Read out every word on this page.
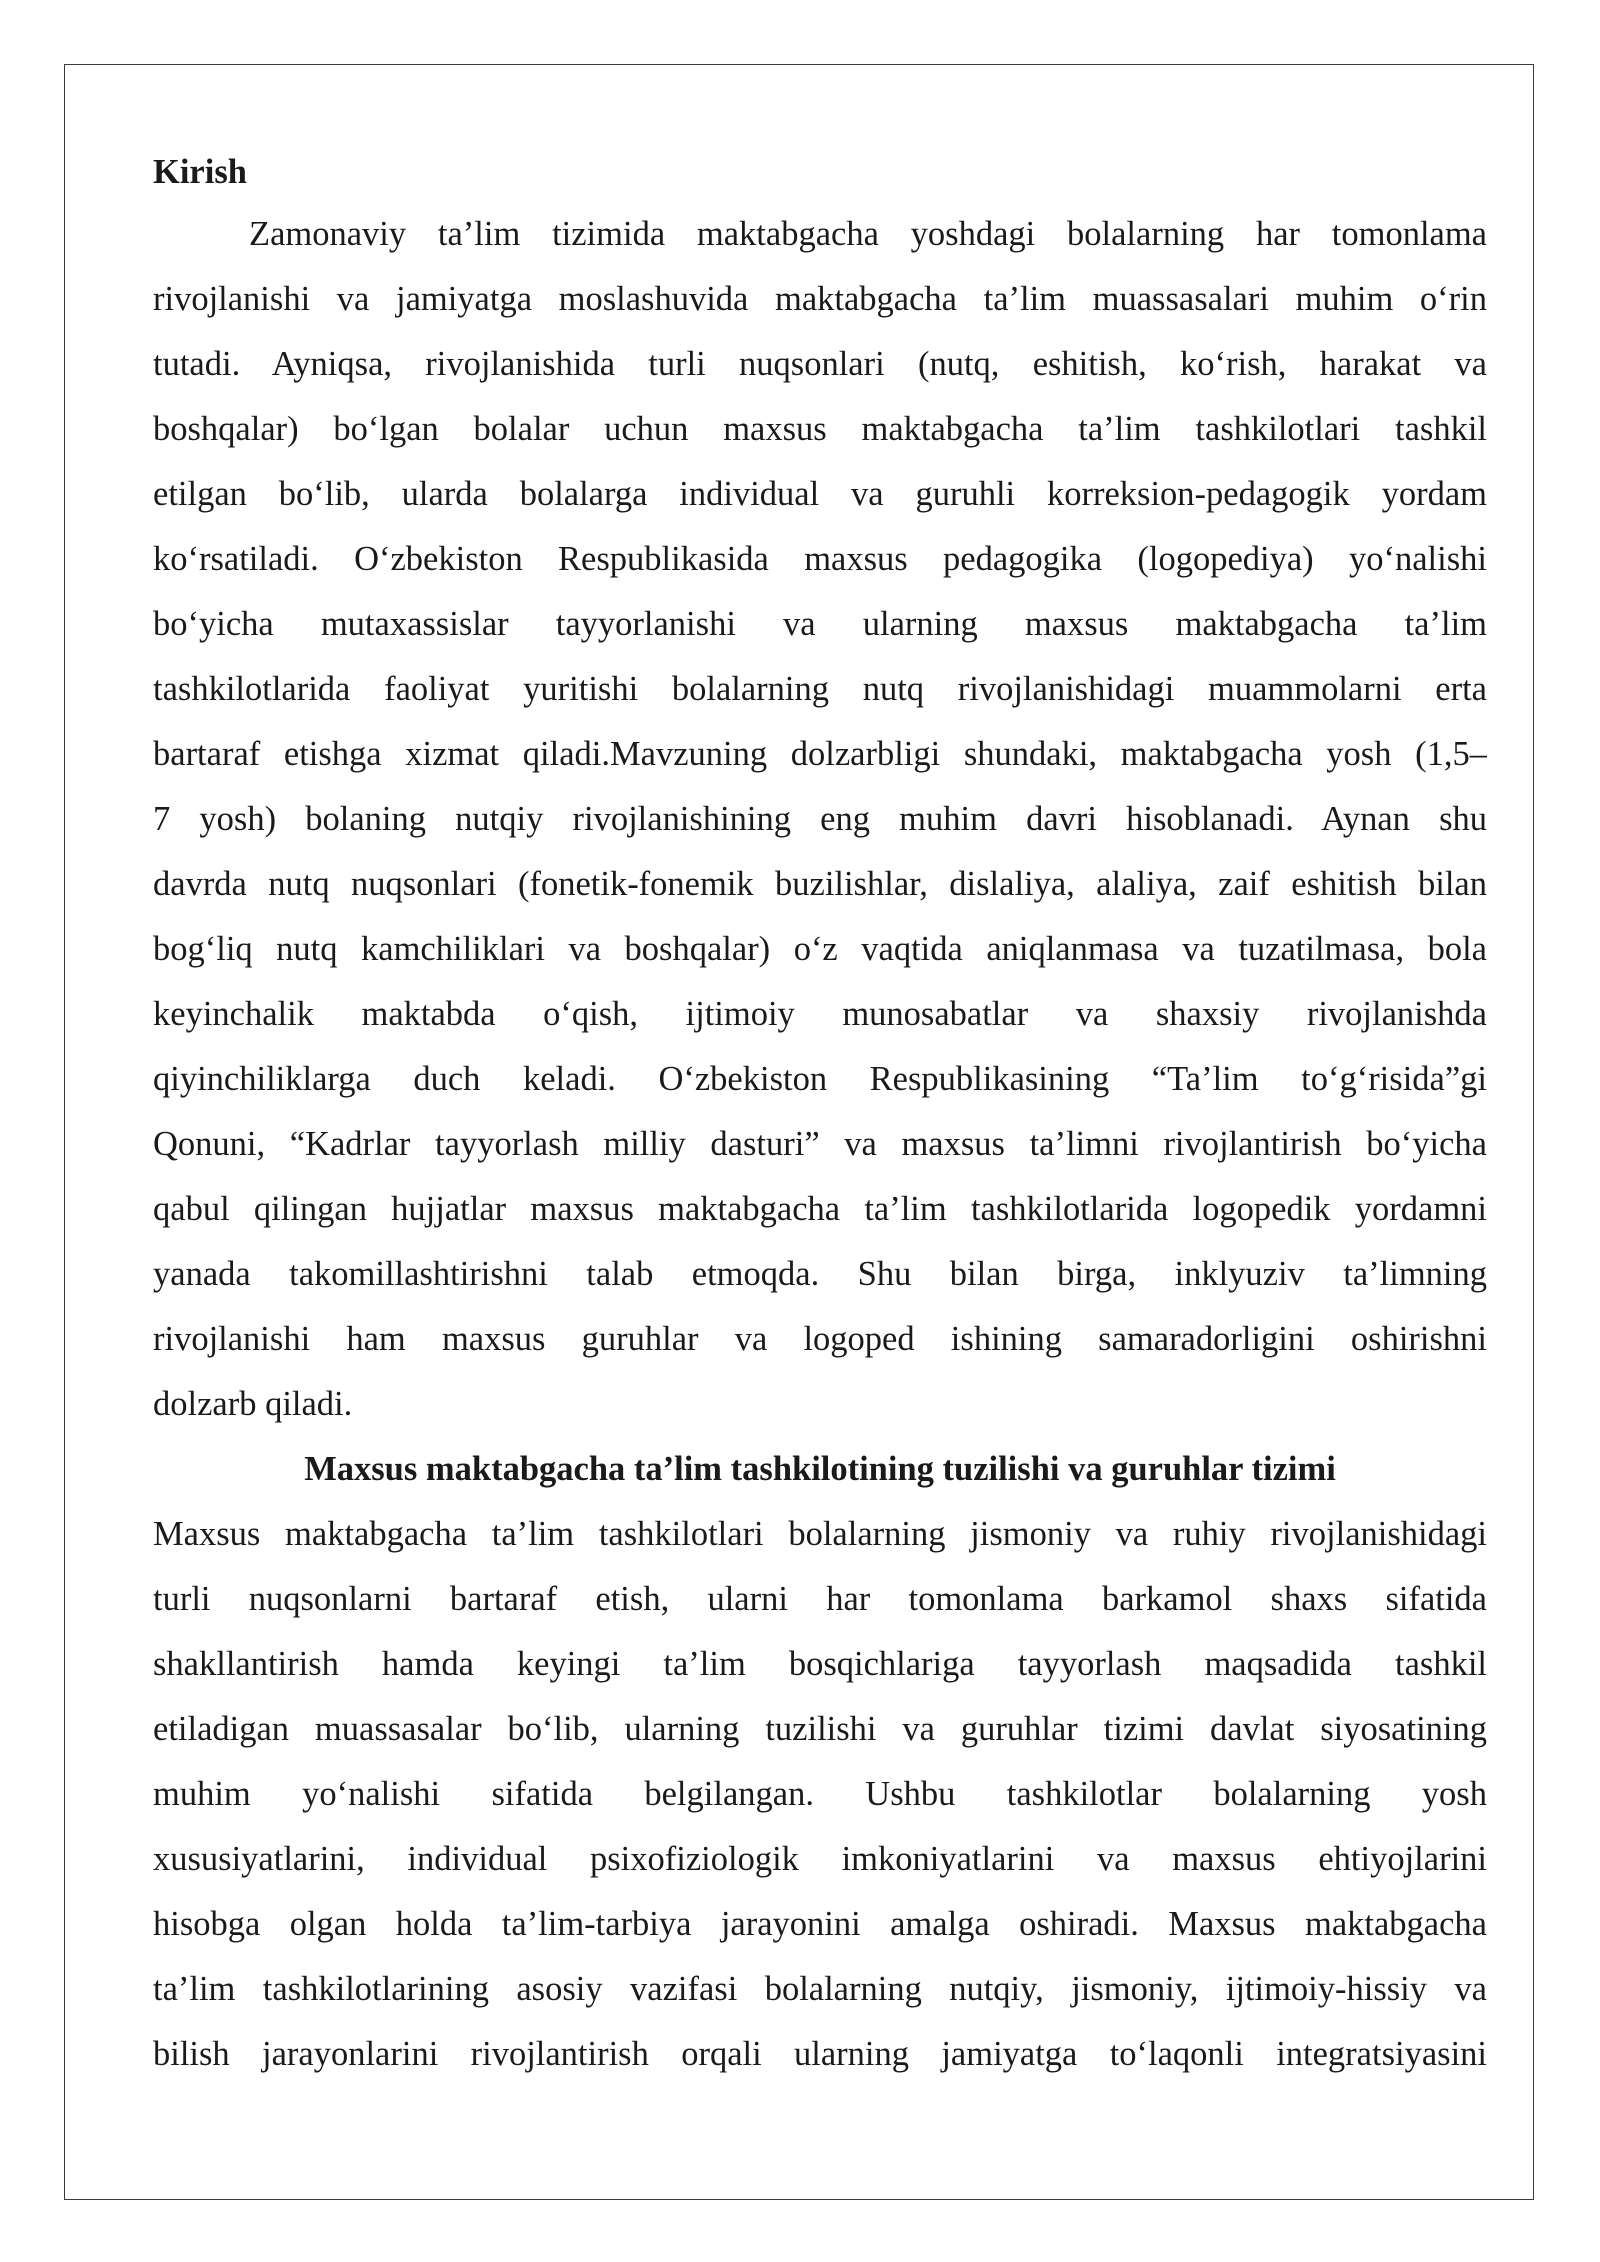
Kirish
Zamonaviy ta’lim tizimida maktabgacha yoshdagi bolalarning har tomonlama
rivojlanishi va jamiyatga moslashuvida maktabgacha ta’lim muassasalari muhim o‘rin
tutadi. Ayniqsa, rivojlanishida turli nuqsonlari (nutq, eshitish, ko‘rish, harakat va
boshqalar) bo‘lgan bolalar uchun maxsus maktabgacha ta’lim tashkilotlari tashkil
etilgan bo‘lib, ularda bolalarga individual va guruhli korreksion-pedagogik yordam
ko‘rsatiladi. O‘zbekiston Respublikasida maxsus pedagogika (logopediya) yo‘nalishi
bo‘yicha mutaxassislar tayyorlanishi va ularning maxsus maktabgacha ta’lim
tashkilotlarida faoliyat yuritishi bolalarning nutq rivojlanishidagi muammolarni erta
bartaraf etishga xizmat qiladi.Mavzuning dolzarbligi shundaki, maktabgacha yosh (1,5–
7 yosh) bolaning nutqiy rivojlanishining eng muhim davri hisoblanadi. Aynan shu
davrda nutq nuqsonlari (fonetik-fonemik buzilishlar, dislaliya, alaliya, zaif eshitish bilan
bog‘liq nutq kamchiliklari va boshqalar) o‘z vaqtida aniqlanmasa va tuzatilmasa, bola
keyinchalik maktabda o‘qish, ijtimoiy munosabatlar va shaxsiy rivojlanishda
qiyinchiliklarga duch keladi. O‘zbekiston Respublikasining “Ta’lim to‘g‘risida”gi
Qonuni, “Kadrlar tayyorlash milliy dasturi” va maxsus ta’limni rivojlantirish bo‘yicha
qabul qilingan hujjatlar maxsus maktabgacha ta’lim tashkilotlarida logopedik yordamni
yanada takomillashtirishni talab etmoqda. Shu bilan birga, inklyuziv ta’limning
rivojlanishi ham maxsus guruhlar va logoped ishining samaradorligini oshirishni
dolzarb qiladi.
Maxsus maktabgacha ta’lim tashkilotining tuzilishi va guruhlar tizimi
Maxsus maktabgacha ta’lim tashkilotlari bolalarning jismoniy va ruhiy rivojlanishidagi
turli nuqsonlarni bartaraf etish, ularni har tomonlama barkamol shaxs sifatida
shakllantirish hamda keyingi ta’lim bosqichlariga tayyorlash maqsadida tashkil
etiladigan muassasalar bo‘lib, ularning tuzilishi va guruhlar tizimi davlat siyosatining
muhim yo‘nalishi sifatida belgilangan. Ushbu tashkilotlar bolalarning yosh
xususiyatlarini, individual psixofiziologik imkoniyatlarini va maxsus ehtiyojlarini
hisobga olgan holda ta’lim-tarbiya jarayonini amalga oshiradi. Maxsus maktabgacha
ta’lim tashkilotlarining asosiy vazifasi bolalarning nutqiy, jismoniy, ijtimoiy-hissiy va
bilish jarayonlarini rivojlantirish orqali ularning jamiyatga to‘laqonli integratsiyasini
